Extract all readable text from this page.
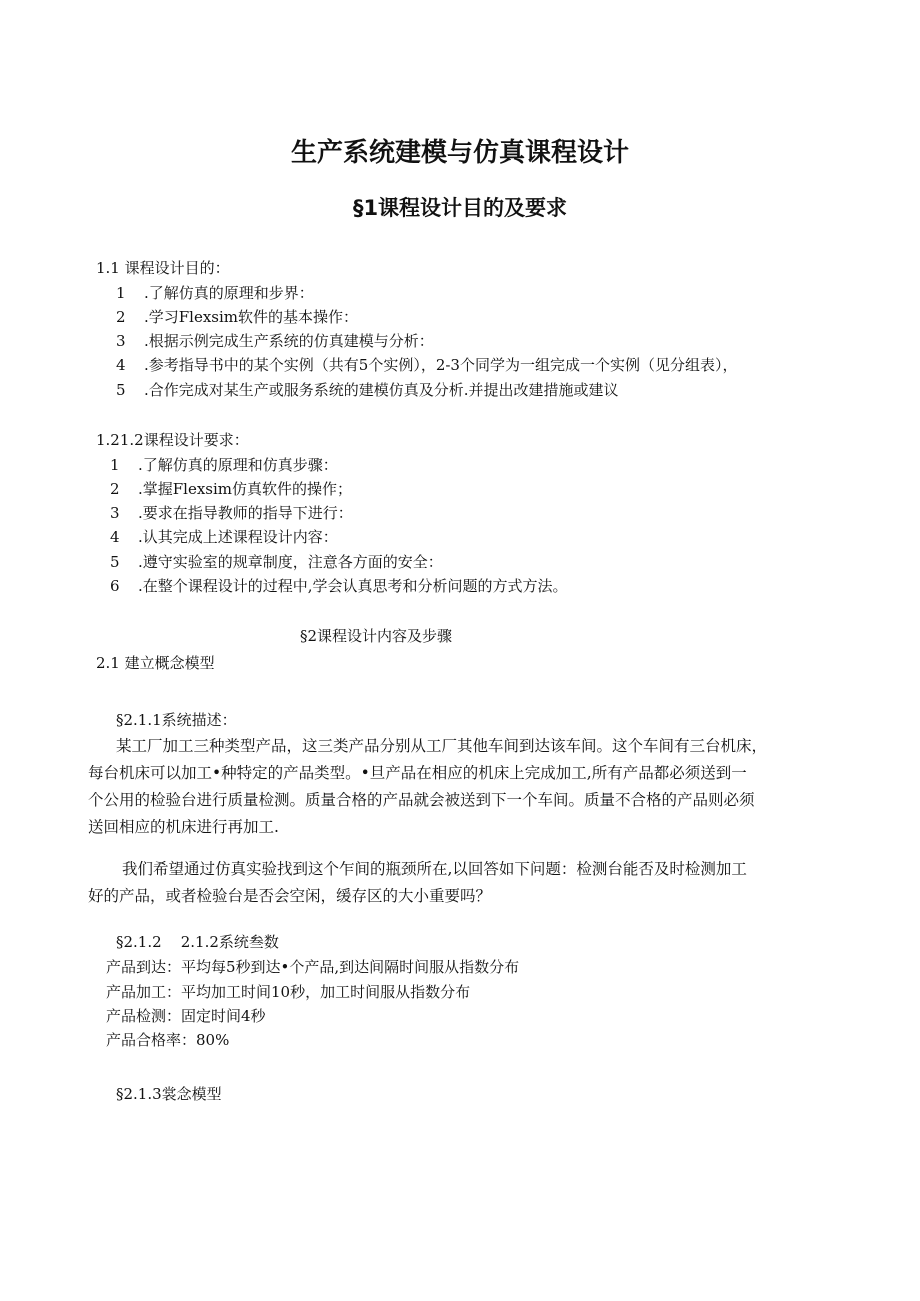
生产系统建模与仿真课程设计
§1课程设计目的及要求
1.1 课程设计目的：
1 .了解仿真的原理和步界：
2 .学习Flexsim软件的基本操作：
3 .根据示例完成生产系统的仿真建模与分析：
4 .参考指导书中的某个实例（共有5个实例），2-3个同学为一组完成一个实例（见分组表），
5 .合作完成对某生产或服务系统的建模仿真及分析.并提出改建措施或建议
1.21.2课程设计要求：
1 .了解仿真的原理和仿真步骤：
2 .掌握Flexsim仿真软件的操作；
3 .要求在指导教师的指导下进行：
4 .认其完成上述课程设计内容：
5 .遵守实验室的规章制度，注意各方面的安全：
6 .在整个课程设计的过程中,学会认真思考和分析问题的方式方法。
§2课程设计内容及步骤
2.1 建立概念模型
§2.1.1系统描述：
某工厂加工三种类型产品，这三类产品分别从工厂其他车间到达该车间。这个车间有三台机床，
每台机床可以加工•种特定的产品类型。•旦产品在相应的机床上完成加工,所有产品都必须送到一
个公用的检验台进行质量检测。质量合格的产品就会被送到下一个车间。质量不合格的产品则必须
送回相应的机床进行再加工.
我们希望通过仿真实验找到这个乍间的瓶颈所在,以回答如下问题：检测台能否及时检测加工
好的产品，或者检验台是否会空闲，缓存区的大小重要吗？
§2.1.2    2.1.2系统叁数
产品到达：平均每5秒到达•个产品,到达间隔时间服从指数分布
产品加工：平均加工时间10秒，加工时间服从指数分布
产品检测：固定时间4秒
产品合格率：80%
§2.1.3裳念模型
